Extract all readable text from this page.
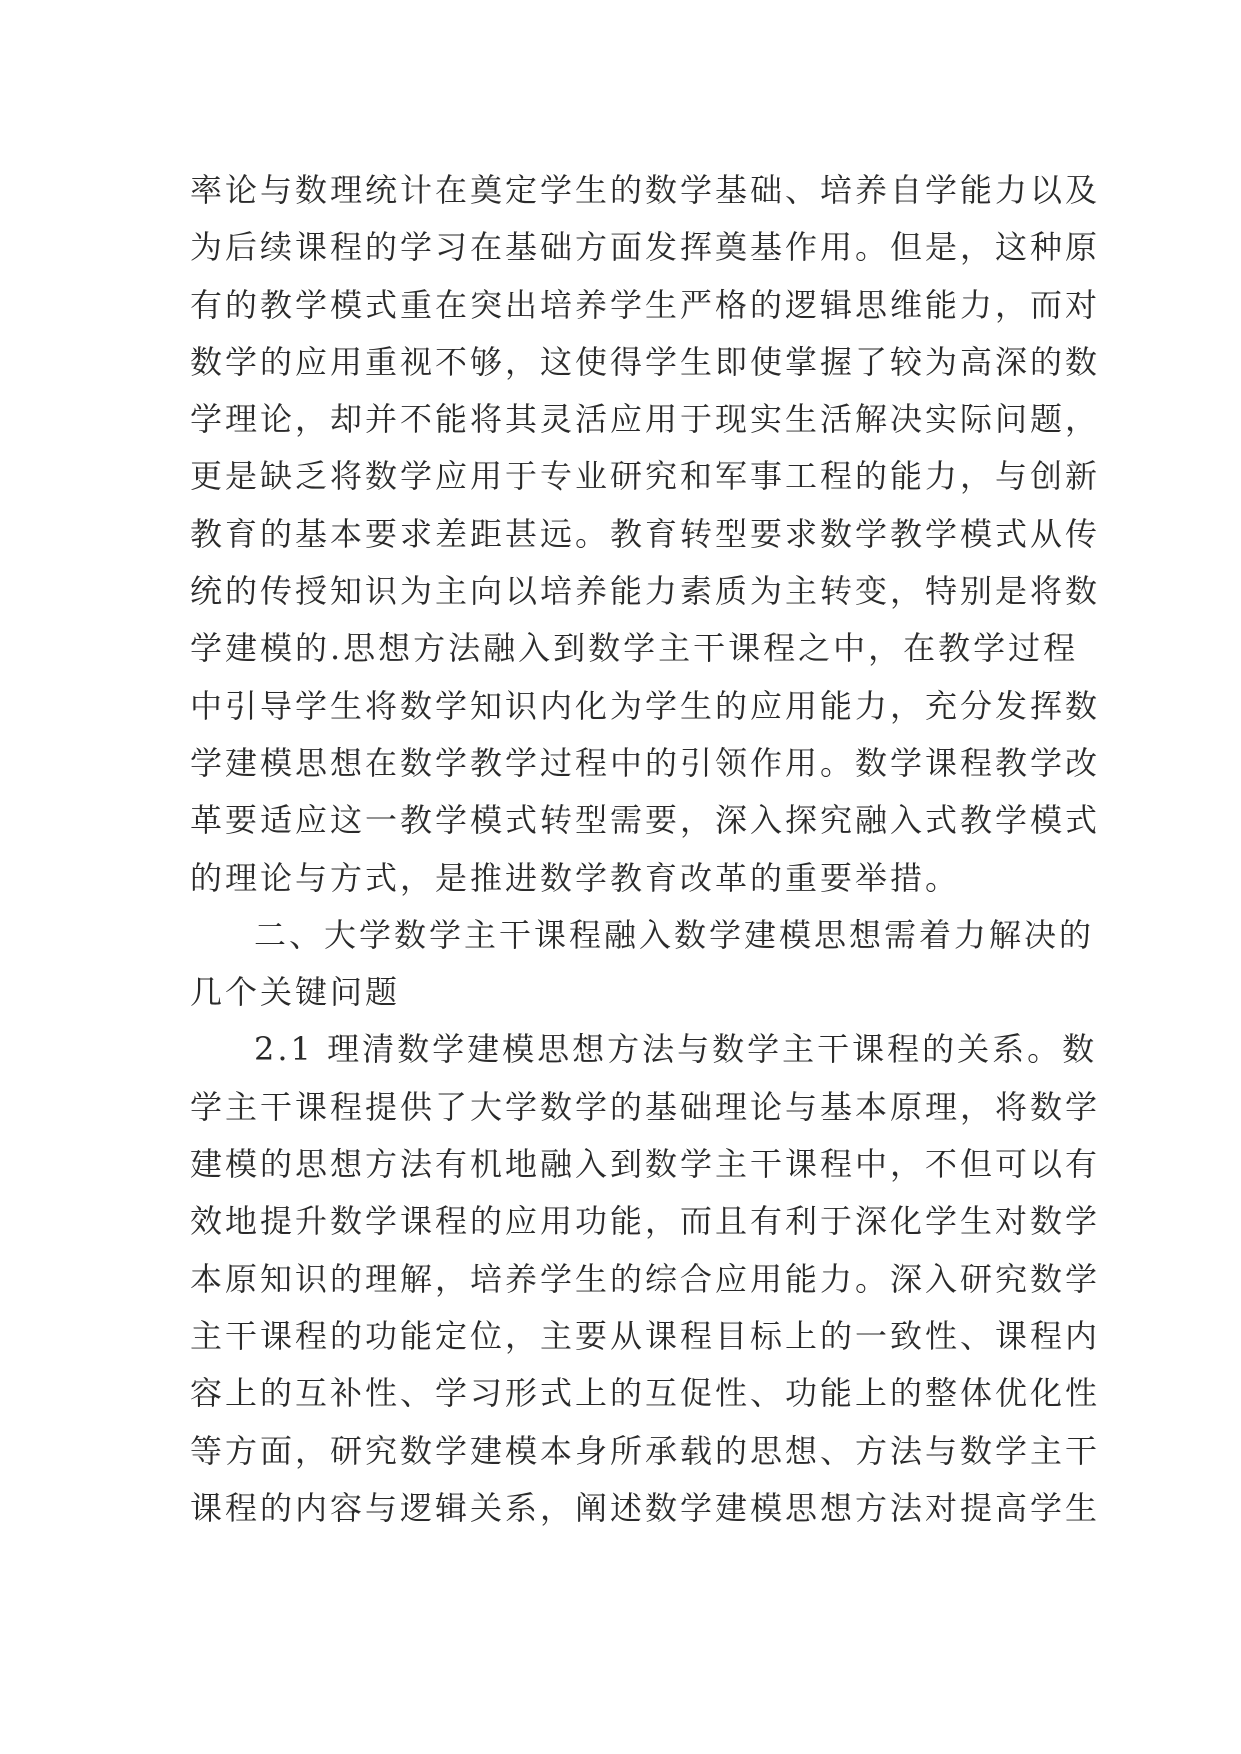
率论与数理统计在奠定学生的数学基础、培养自学能力以及
为后续课程的学习在基础方面发挥奠基作用。但是，这种原
有的教学模式重在突出培养学生严格的逻辑思维能力，而对
数学的应用重视不够，这使得学生即使掌握了较为高深的数
学理论，却并不能将其灵活应用于现实生活解决实际问题，
更是缺乏将数学应用于专业研究和军事工程的能力，与创新
教育的基本要求差距甚远。教育转型要求数学教学模式从传
统的传授知识为主向以培养能力素质为主转变，特别是将数
学建模的.思想方法融入到数学主干课程之中，在教学过程
中引导学生将数学知识内化为学生的应用能力，充分发挥数
学建模思想在数学教学过程中的引领作用。数学课程教学改
革要适应这一教学模式转型需要，深入探究融入式教学模式
的理论与方式，是推进数学教育改革的重要举措。
二、大学数学主干课程融入数学建模思想需着力解决的
几个关键问题
2.1 理清数学建模思想方法与数学主干课程的关系。数
学主干课程提供了大学数学的基础理论与基本原理，将数学
建模的思想方法有机地融入到数学主干课程中，不但可以有
效地提升数学课程的应用功能，而且有利于深化学生对数学
本原知识的理解，培养学生的综合应用能力。深入研究数学
主干课程的功能定位，主要从课程目标上的一致性、课程内
容上的互补性、学习形式上的互促性、功能上的整体优化性
等方面，研究数学建模本身所承载的思想、方法与数学主干
课程的内容与逻辑关系，阐述数学建模思想方法对提高学生
